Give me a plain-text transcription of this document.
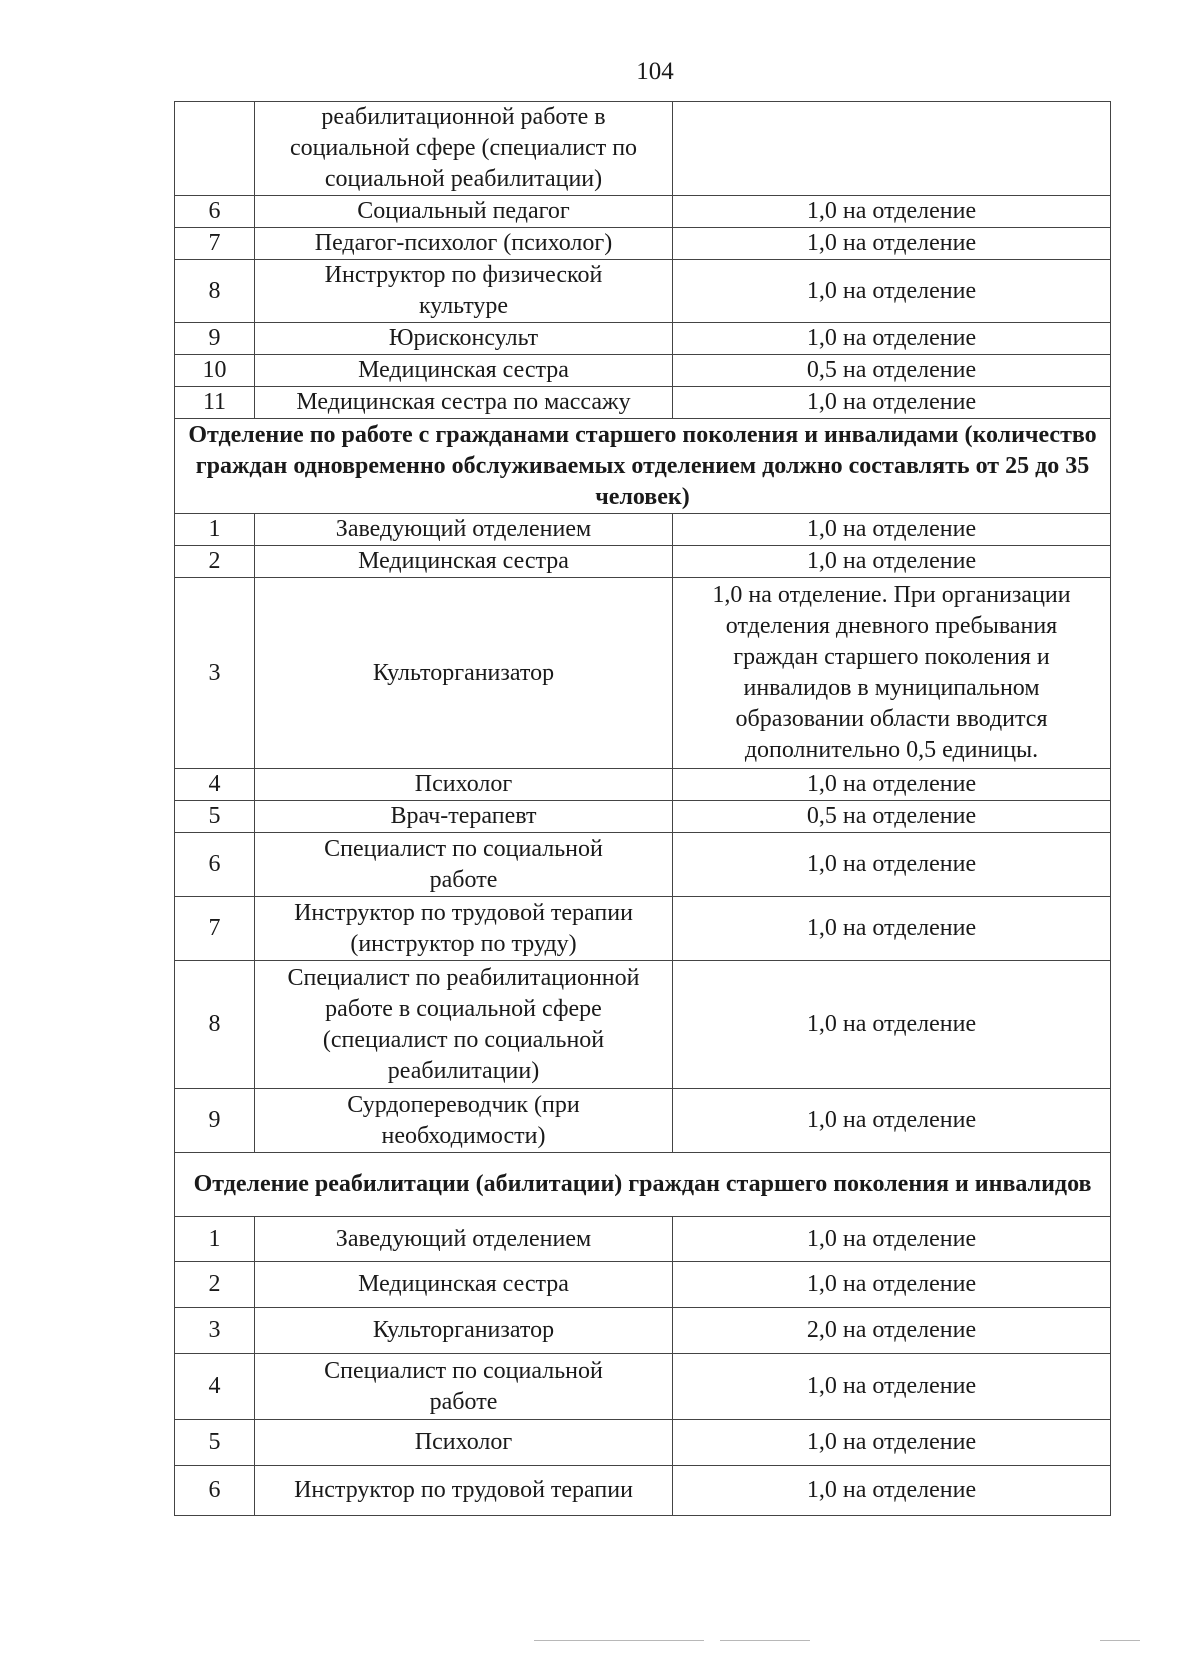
104
	реабилитационной работе в социальной сфере (специалист по социальной реабилитации)	
6	Социальный педагог	1,0 на отделение
7	Педагог-психолог (психолог)	1,0 на отделение
8	Инструктор по физической культуре	1,0 на отделение
9	Юрисконсульт	1,0 на отделение
10	Медицинская сестра	0,5 на отделение
11	Медицинская сестра по массажу	1,0 на отделение
Отделение по работе с гражданами старшего поколения и инвалидами (количество граждан одновременно обслуживаемых отделением должно составлять от 25 до 35 человек)		
1	Заведующий отделением	1,0 на отделение
2	Медицинская сестра	1,0 на отделение
3	Культорганизатор	1,0 на отделение. При организации отделения дневного пребывания граждан старшего поколения и инвалидов в муниципальном образовании области вводится дополнительно 0,5 единицы.
4	Психолог	1,0 на отделение
5	Врач-терапевт	0,5 на отделение
6	Специалист по социальной работе	1,0 на отделение
7	Инструктор по трудовой терапии (инструктор по труду)	1,0 на отделение
8	Специалист по реабилитационной работе в социальной сфере (специалист по социальной реабилитации)	1,0 на отделение
9	Сурдопереводчик (при необходимости)	1,0 на отделение
Отделение реабилитации (абилитации) граждан старшего поколения и инвалидов		
1	Заведующий отделением	1,0 на отделение
2	Медицинская сестра	1,0 на отделение
3	Культорганизатор	2,0 на отделение
4	Специалист по социальной работе	1,0 на отделение
5	Психолог	1,0 на отделение
6	Инструктор по трудовой терапии	1,0 на отделение
